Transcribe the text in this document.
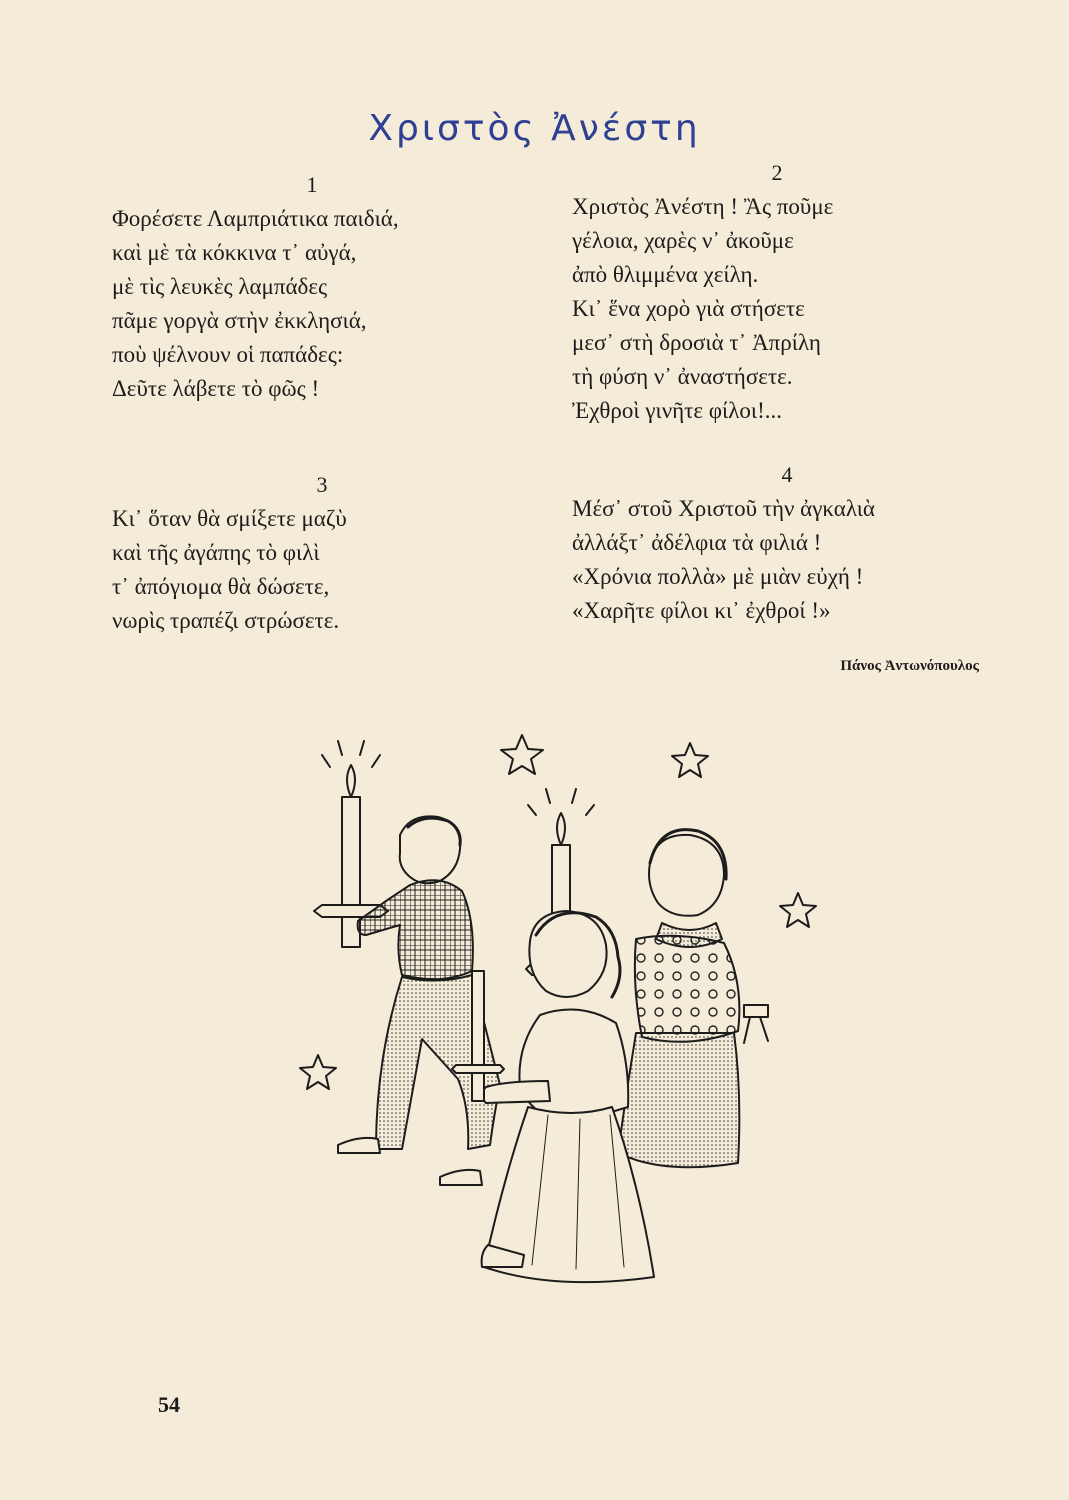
Χριστὸς Ἀνέστη
1
Φορέσετε Λαμπριάτικα παιδιά,
καὶ μὲ τὰ κόκκινα τ᾽ αὐγά,
μὲ τὶς λευκὲς λαμπάδες
πᾶμε γοργὰ στὴν ἐκκλησιά,
ποὺ ψέλνουν οἱ παπάδες:
Δεῦτε λάβετε τὸ φῶς !
2
Χριστὸς Ἀνέστη ! Ἂς ποῦμε
γέλοια, χαρὲς ν᾽ ἀκοῦμε
ἀπὸ θλιμμένα χείλη.
Κι᾽ ἕνα χορὸ γιὰ στήσετε
μεσ᾽ στὴ δροσιὰ τ᾽ Ἀπρίλη
τὴ φύση ν᾽ ἀναστήσετε.
Ἐχθροὶ γινῆτε φίλοι!...
3
Κι᾽ ὅταν θὰ σμίξετε μαζὺ
καὶ τῆς ἀγάπης τὸ φιλὶ
τ᾽ ἀπόγιομα θὰ δώσετε,
νωρὶς τραπέζι στρώσετε.
4
Μέσ᾽ στοῦ Χριστοῦ τὴν ἀγκαλιὰ
ἀλλάξτ᾽ ἀδέλφια τὰ φιλιά !
«Χρόνια πολλὰ» μὲ μιὰν εὐχή !
«Χαρῆτε φίλοι κι᾽ ἐχθροί !»
Πάνος Ἀντωνόπουλος
54
